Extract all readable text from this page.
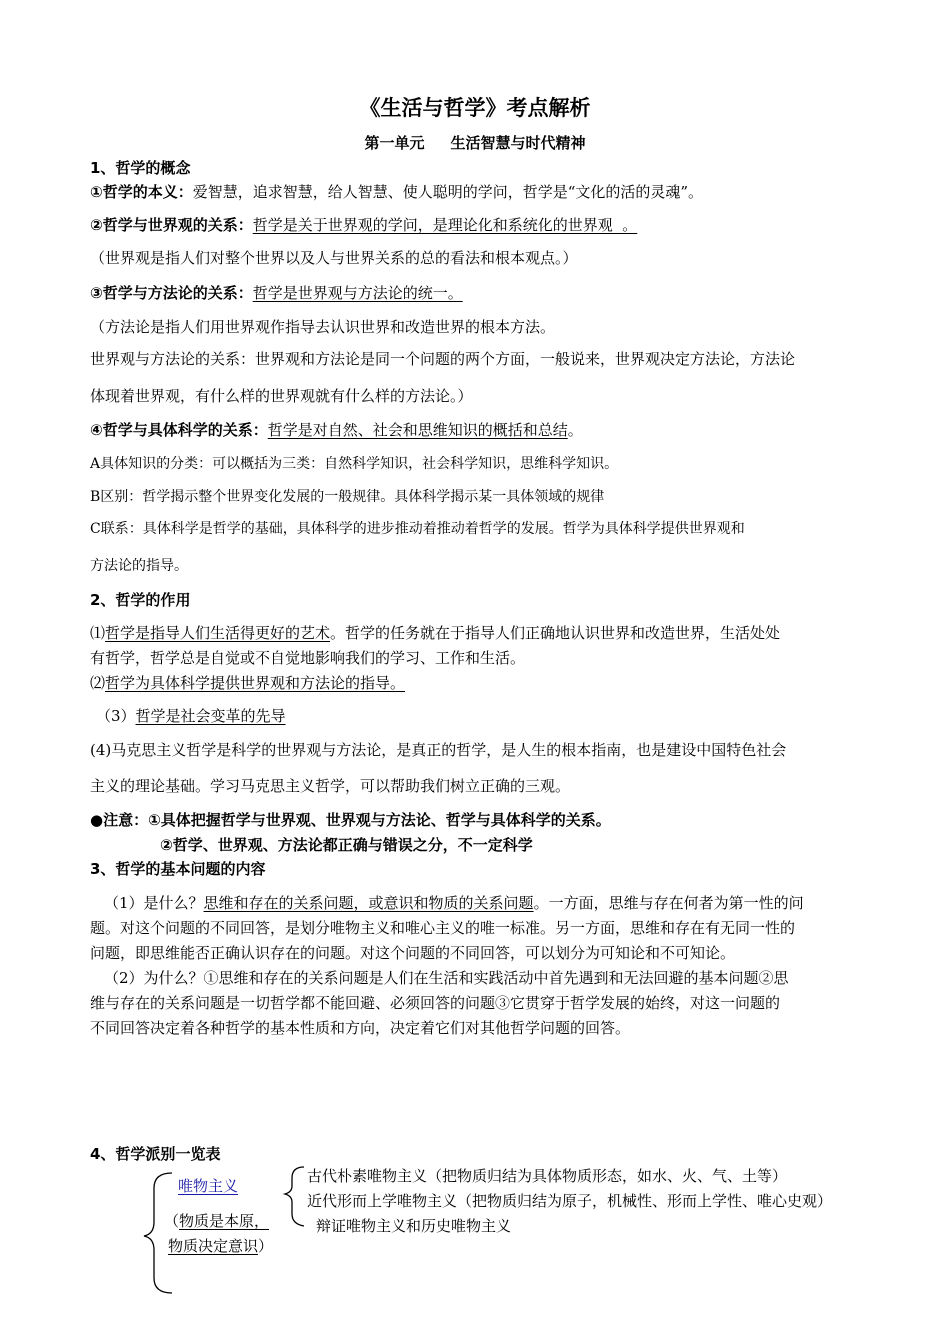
《生活与哲学》考点解析
第一单元     生活智慧与时代精神
1、哲学的概念
①哲学的本义：爱智慧，追求智慧，给人智慧、使人聪明的学问，哲学是“文化的活的灵魂”。
②哲学与世界观的关系：哲学是关于世界观的学问，是理论化和系统化的世界观  。
（世界观是指人们对整个世界以及人与世界关系的总的看法和根本观点。）
③哲学与方法论的关系：哲学是世界观与方法论的统一。
（方法论是指人们用世界观作指导去认识世界和改造世界的根本方法。
世界观与方法论的关系：世界观和方法论是同一个问题的两个方面，一般说来，世界观决定方法论，方法论
体现着世界观，有什么样的世界观就有什么样的方法论。）
④哲学与具体科学的关系：哲学是对自然、社会和思维知识的概括和总结。
A具体知识的分类：可以概括为三类：自然科学知识，社会科学知识，思维科学知识。
B区别：哲学揭示整个世界变化发展的一般规律。具体科学揭示某一具体领域的规律
C联系：具体科学是哲学的基础，具体科学的进步推动着推动着哲学的发展。哲学为具体科学提供世界观和
方法论的指导。
2、哲学的作用
⑴哲学是指导人们生活得更好的艺术。哲学的任务就在于指导人们正确地认识世界和改造世界，生活处处
有哲学，哲学总是自觉或不自觉地影响我们的学习、工作和生活。
⑵哲学为具体科学提供世界观和方法论的指导。
（3）哲学是社会变革的先导
(4)马克思主义哲学是科学的世界观与方法论，是真正的哲学，是人生的根本指南，也是建设中国特色社会
主义的理论基础。学习马克思主义哲学，可以帮助我们树立正确的三观。
●注意：①具体把握哲学与世界观、世界观与方法论、哲学与具体科学的关系。
②哲学、世界观、方法论都正确与错误之分，不一定科学
3、哲学的基本问题的内容
（1）是什么？思维和存在的关系问题，或意识和物质的关系问题。一方面，思维与存在何者为第一性的问
题。对这个问题的不同回答，是划分唯物主义和唯心主义的唯一标准。另一方面，思维和存在有无同一性的
问题，即思维能否正确认识存在的问题。对这个问题的不同回答，可以划分为可知论和不可知论。
（2）为什么？①思维和存在的关系问题是人们在生活和实践活动中首先遇到和无法回避的基本问题②思
维与存在的关系问题是一切哲学都不能回避、必须回答的问题③它贯穿于哲学发展的始终，对这一问题的
不同回答决定着各种哲学的基本性质和方向，决定着它们对其他哲学问题的回答。
4、哲学派别一览表
唯物主义
（物质是本原，
物质决定意识）
古代朴素唯物主义（把物质归结为具体物质形态，如水、火、气、土等）
近代形而上学唯物主义（把物质归结为原子，机械性、形而上学性、唯心史观）
辩证唯物主义和历史唯物主义
